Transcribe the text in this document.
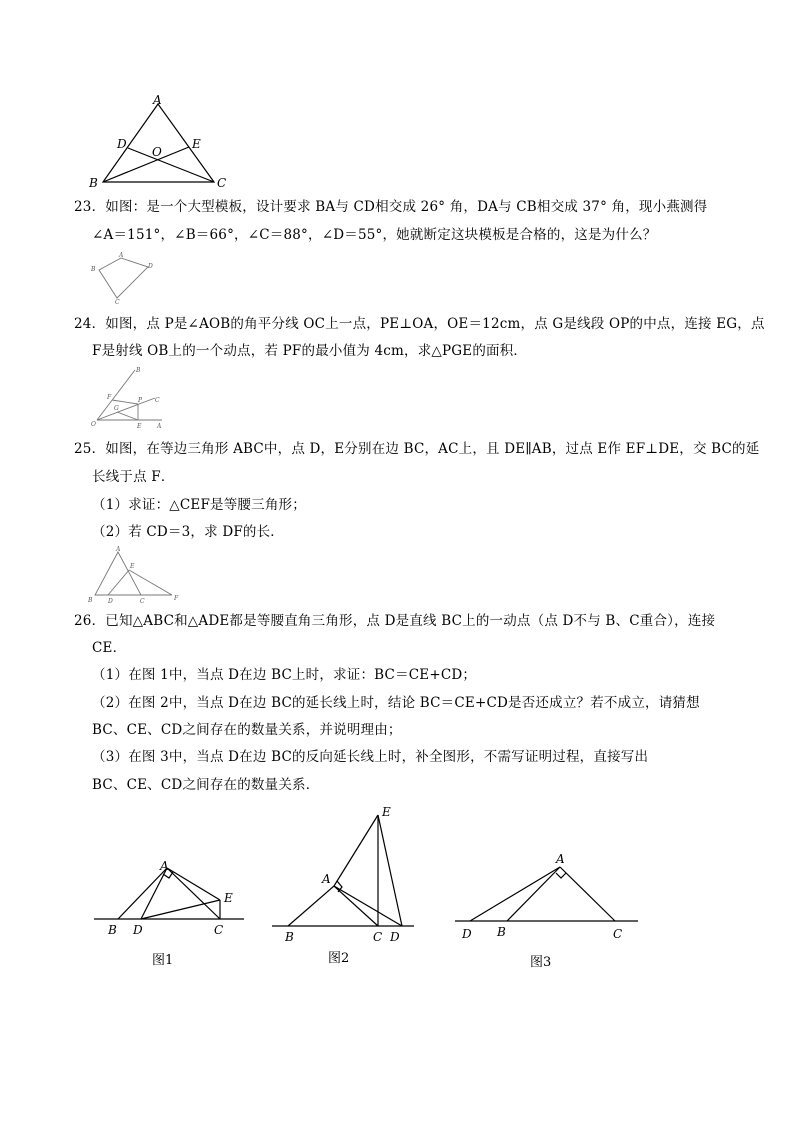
A
B	C
D	E
O
23．如图：是一个大型模板，设计要求 BA与 CD相交成 26° 角，DA与 CB相交成 37° 角，现小燕测得
∠A＝151°，∠B＝66°，∠C＝88°，∠D＝55°，她就断定这块模板是合格的，这是为什么？
A
B
C
D
24．如图，点 P是∠AOB的角平分线 OC上一点，PE⊥OA，OE＝12cm，点 G是线段 OP的中点，连接 EG，点
F是射线 OB上的一个动点，若 PF的最小值为 4cm，求△PGE的面积．
O	A
B
C
P
E
F
G
25．如图，在等边三角形 ABC中，点 D，E分别在边 BC，AC上，且 DE∥AB，过点 E作 EF⊥DE，交 BC的延
长线于点 F．
（1）求证：△CEF是等腰三角形；
（2）若 CD＝3，求 DF的长．
A
B	C
D
E
F
26．已知△ABC和△ADE都是等腰直角三角形，点 D是直线 BC上的一动点（点 D不与 B、C重合），连接
CE．
（1）在图 1中，当点 D在边 BC上时，求证：BC＝CE+CD；
（2）在图 2中，当点 D在边 BC的延长线上时，结论 BC＝CE+CD是否还成立？若不成立，请猜想
BC、CE、CD之间存在的数量关系，并说明理由；
（3）在图 3中，当点 D在边 BC的反向延长线上时，补全图形，不需写证明过程，直接写出
BC、CE、CD之间存在的数量关系．
A
B D	C
E
图1
A
B	C D
E
图2
A
D B	C
图3
